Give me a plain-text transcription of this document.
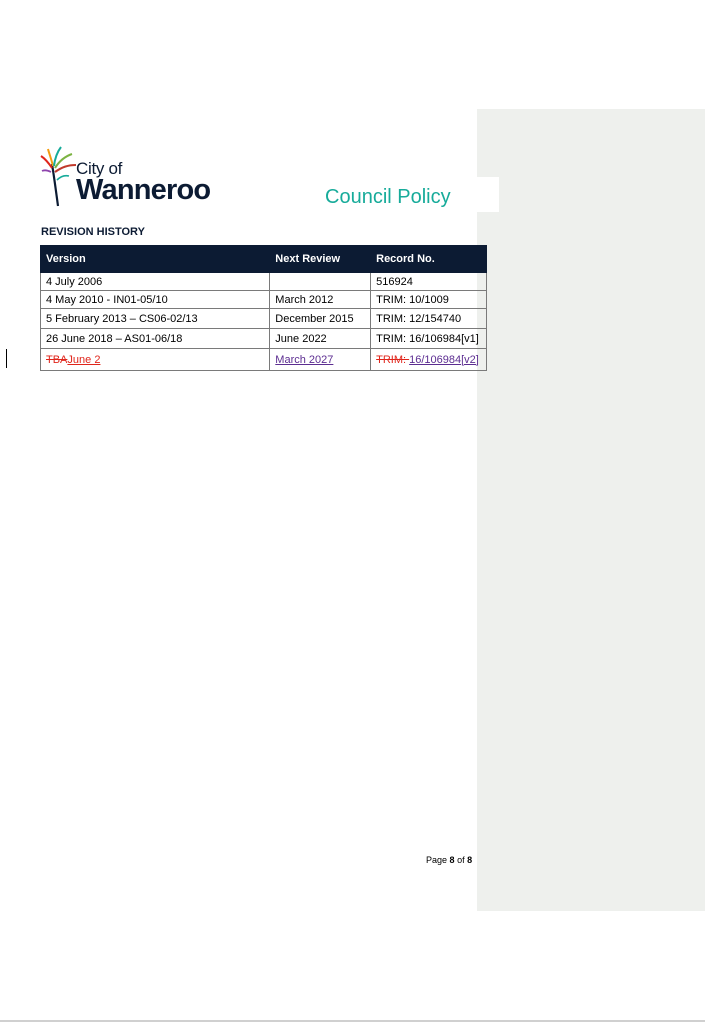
City of
Wanneroo	Council Policy
REVISION HISTORY
Version	Next Review	Record No.
4 July 2006		516924
4 May 2010 - IN01-05/10	March 2012	TRIM: 10/1009
5 February 2013 – CS06-02/13	December 2015	TRIM: 12/154740
26 June 2018 – AS01-06/18	June 2022	TRIM: 16/106984[v1]
TBAJune 2	March 2027	TRIM: 16/106984[v2]
Page 8 of 8
